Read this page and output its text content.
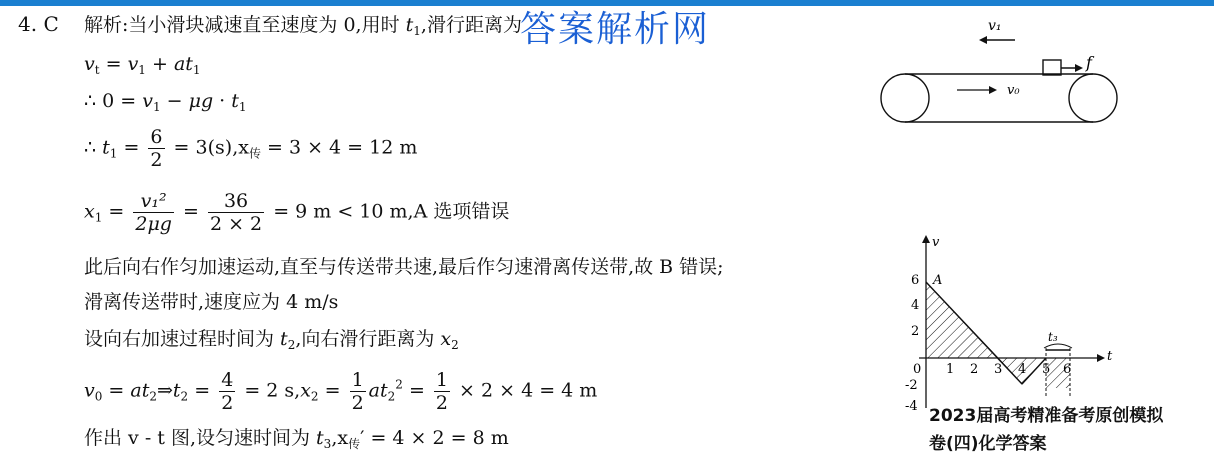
4. C 解析:当小滑块减速直至速度为 0,用时 $t_1$,滑行距离为
答案解析网
$v_t = v_1 + at_1$
∴ $0 = v_1 - \mu g \cdot t_1$
∴ $t_1 = \frac{6}{2} = 3(s),x_传 = 3 \times 4 = 12$ m
$x_1 = \frac{\text{v₁²}}{2\mu g} = \frac{36}{2 \times 2} = 9$ m < 10 m,A 选项错误
此后向右作匀加速运动,直至与传送带共速,最后作匀速滑离传送带,故 B 错误;
滑离传送带时,速度应为 4 m/s
设向右加速过程时间为 $t_2$,向右滑行距离为 $x_2$
$v_0$ = $at_2\Rightarrow t_2 = \frac{4}{2} = 2$ $s,x_2 = \frac{1}{2} at_2^2 = \frac{1}{2} \times 2 \times 4 = 4$ m
作出 v - t 图,设匀速时间为 $t_3,x_传' = 4 \times 2 = 8$ m
v₁
f
v₀
v
t
t₃
A
6
4
2
0
-2
-4
1 2 3 4 5 6
2023届高考精准备考原创模拟
卷(四)化学答案
